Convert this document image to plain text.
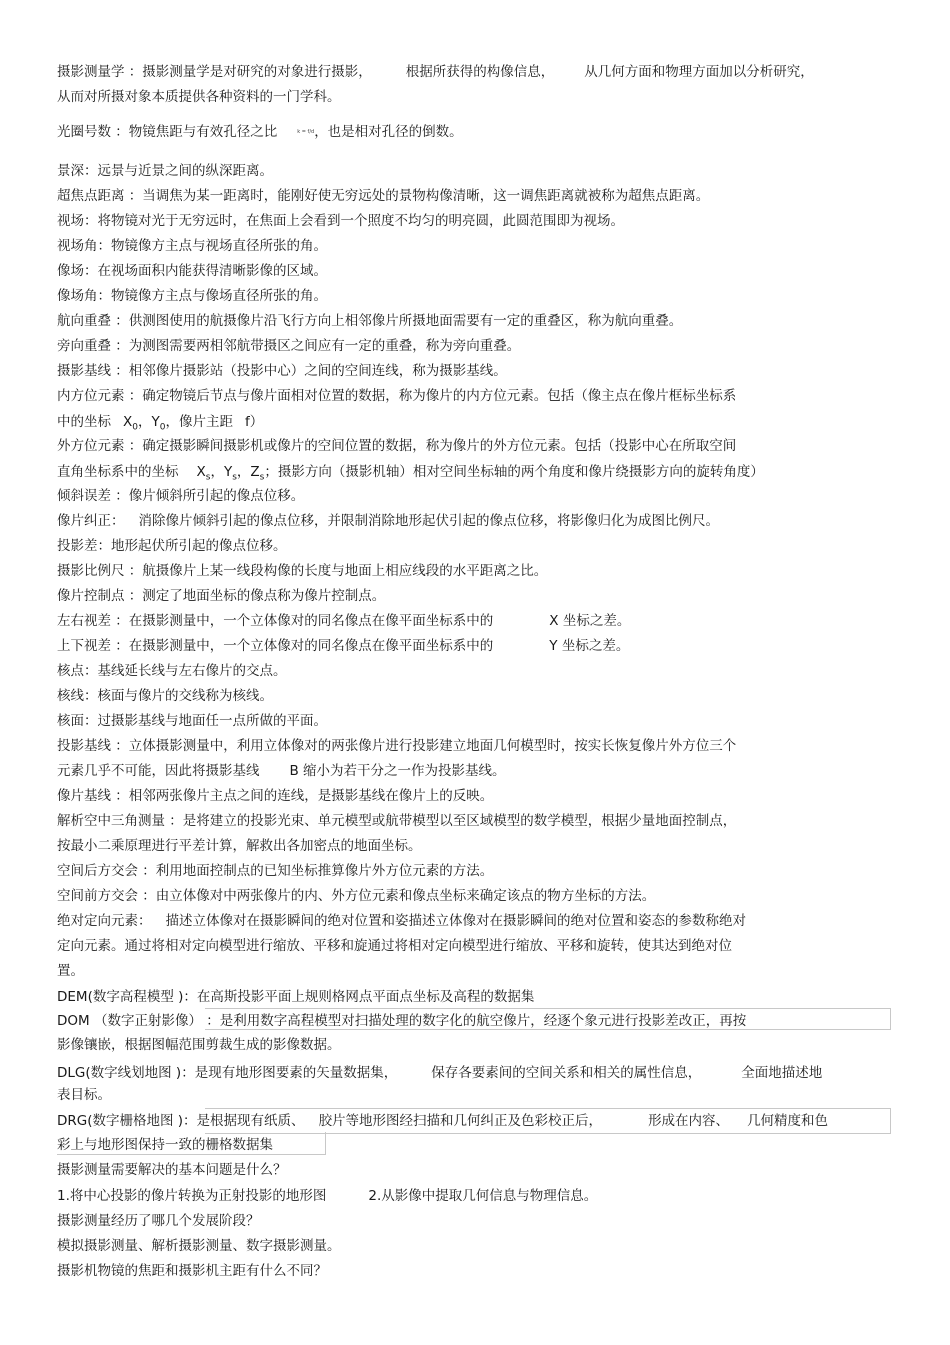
摄影测量学 ：摄影测量学是对研究的对象进行摄影，	根据所获得的构像信息， 从几何方面和物理方面加以分析研究，
从而对所摄对象本质提供各种资料的一门学科。
光圈号数 ：物镜焦距与有效孔径之比	k = f/d，也是相对孔径的倒数。
景深：远景与近景之间的纵深距离。
超焦点距离 ：当调焦为某一距离时，能刚好使无穷远处的景物构像清晰，这一调焦距离就被称为超焦点距离。
视场：将物镜对光于无穷远时，在焦面上会看到一个照度不均匀的明亮圆，此圆范围即为视场。
视场角：物镜像方主点与视场直径所张的角。
像场：在视场面积内能获得清晰影像的区域。
像场角：物镜像方主点与像场直径所张的角。
航向重叠 ：供测图使用的航摄像片沿飞行方向上相邻像片所摄地面需要有一定的重叠区，称为航向重叠。
旁向重叠 ：为测图需要两相邻航带摄区之间应有一定的重叠，称为旁向重叠。
摄影基线 ：相邻像片摄影站（投影中心）之间的空间连线，称为摄影基线。
内方位元素 ：确定物镜后节点与像片面相对位置的数据，称为像片的内方位元素。包括（像主点在像片框标坐标系
中的坐标 $X_0$，$Y_0$，像片主距 f）
外方位元素 ：确定摄影瞬间摄影机或像片的空间位置的数据，称为像片的外方位元素。包括（投影中心在所取空间
直角坐标系中的坐标 $X_s$，$Y_s$，$Z_s$；摄影方向（摄影机轴）相对空间坐标轴的两个角度和像片绕摄影方向的旋转角度）
倾斜误差 ：像片倾斜所引起的像点位移。
像片纠正： 消除像片倾斜引起的像点位移，并限制消除地形起伏引起的像点位移，将影像归化为成图比例尺。
投影差：地形起伏所引起的像点位移。
摄影比例尺 ：航摄像片上某一线段构像的长度与地面上相应线段的水平距离之比。
像片控制点 ：测定了地面坐标的像点称为像片控制点。
左右视差 ：在摄影测量中，一个立体像对的同名像点在像平面坐标系中的	X 坐标之差。
上下视差 ：在摄影测量中，一个立体像对的同名像点在像平面坐标系中的	Y 坐标之差。
核点：基线延长线与左右像片的交点。
核线：核面与像片的交线称为核线。
核面：过摄影基线与地面任一点所做的平面。
投影基线 ：立体摄影测量中，利用立体像对的两张像片进行投影建立地面几何模型时，按实长恢复像片外方位三个
元素几乎不可能，因此将摄影基线 B 缩小为若干分之一作为投影基线。
像片基线 ：相邻两张像片主点之间的连线，是摄影基线在像片上的反映。
解析空中三角测量 ：是将建立的投影光束、单元模型或航带模型以至区域模型的数学模型，根据少量地面控制点，
按最小二乘原理进行平差计算，解救出各加密点的地面坐标。
空间后方交会 ：利用地面控制点的已知坐标推算像片外方位元素的方法。
空间前方交会 ：由立体像对中两张像片的内、外方位元素和像点坐标来确定该点的物方坐标的方法。
绝对定向元素： 描述立体像对在摄影瞬间的绝对位置和姿描述立体像对在摄影瞬间的绝对位置和姿态的参数称绝对
定向元素。通过将相对定向模型进行缩放、平移和旋通过将相对定向模型进行缩放、平移和旋转，使其达到绝对位
置。
DEM(数字高程模型 )：在高斯投影平面上规则格网点平面点坐标及高程的数据集
DOM （数字正射影像） ：是利用数字高程模型对扫描处理的数字化的航空像片，经逐个象元进行投影差改正，再按
影像镶嵌，根据图幅范围剪裁生成的影像数据。
DLG(数字线划地图 )：是现有地形图要素的矢量数据集，	保存各要素间的空间关系和相关的属性信息，	全面地描述地
表目标。
DRG(数字栅格地图 )：是根据现有纸质、 胶片等地形图经扫描和几何纠正及色彩校正后，	形成在内容、 几何精度和色
彩上与地形图保持一致的栅格数据集
摄影测量需要解决的基本问题是什么？
1.将中心投影的像片转换为正射投影的地形图	2.从影像中提取几何信息与物理信息。
摄影测量经历了哪几个发展阶段？
模拟摄影测量、解析摄影测量、数字摄影测量。
摄影机物镜的焦距和摄影机主距有什么不同？
